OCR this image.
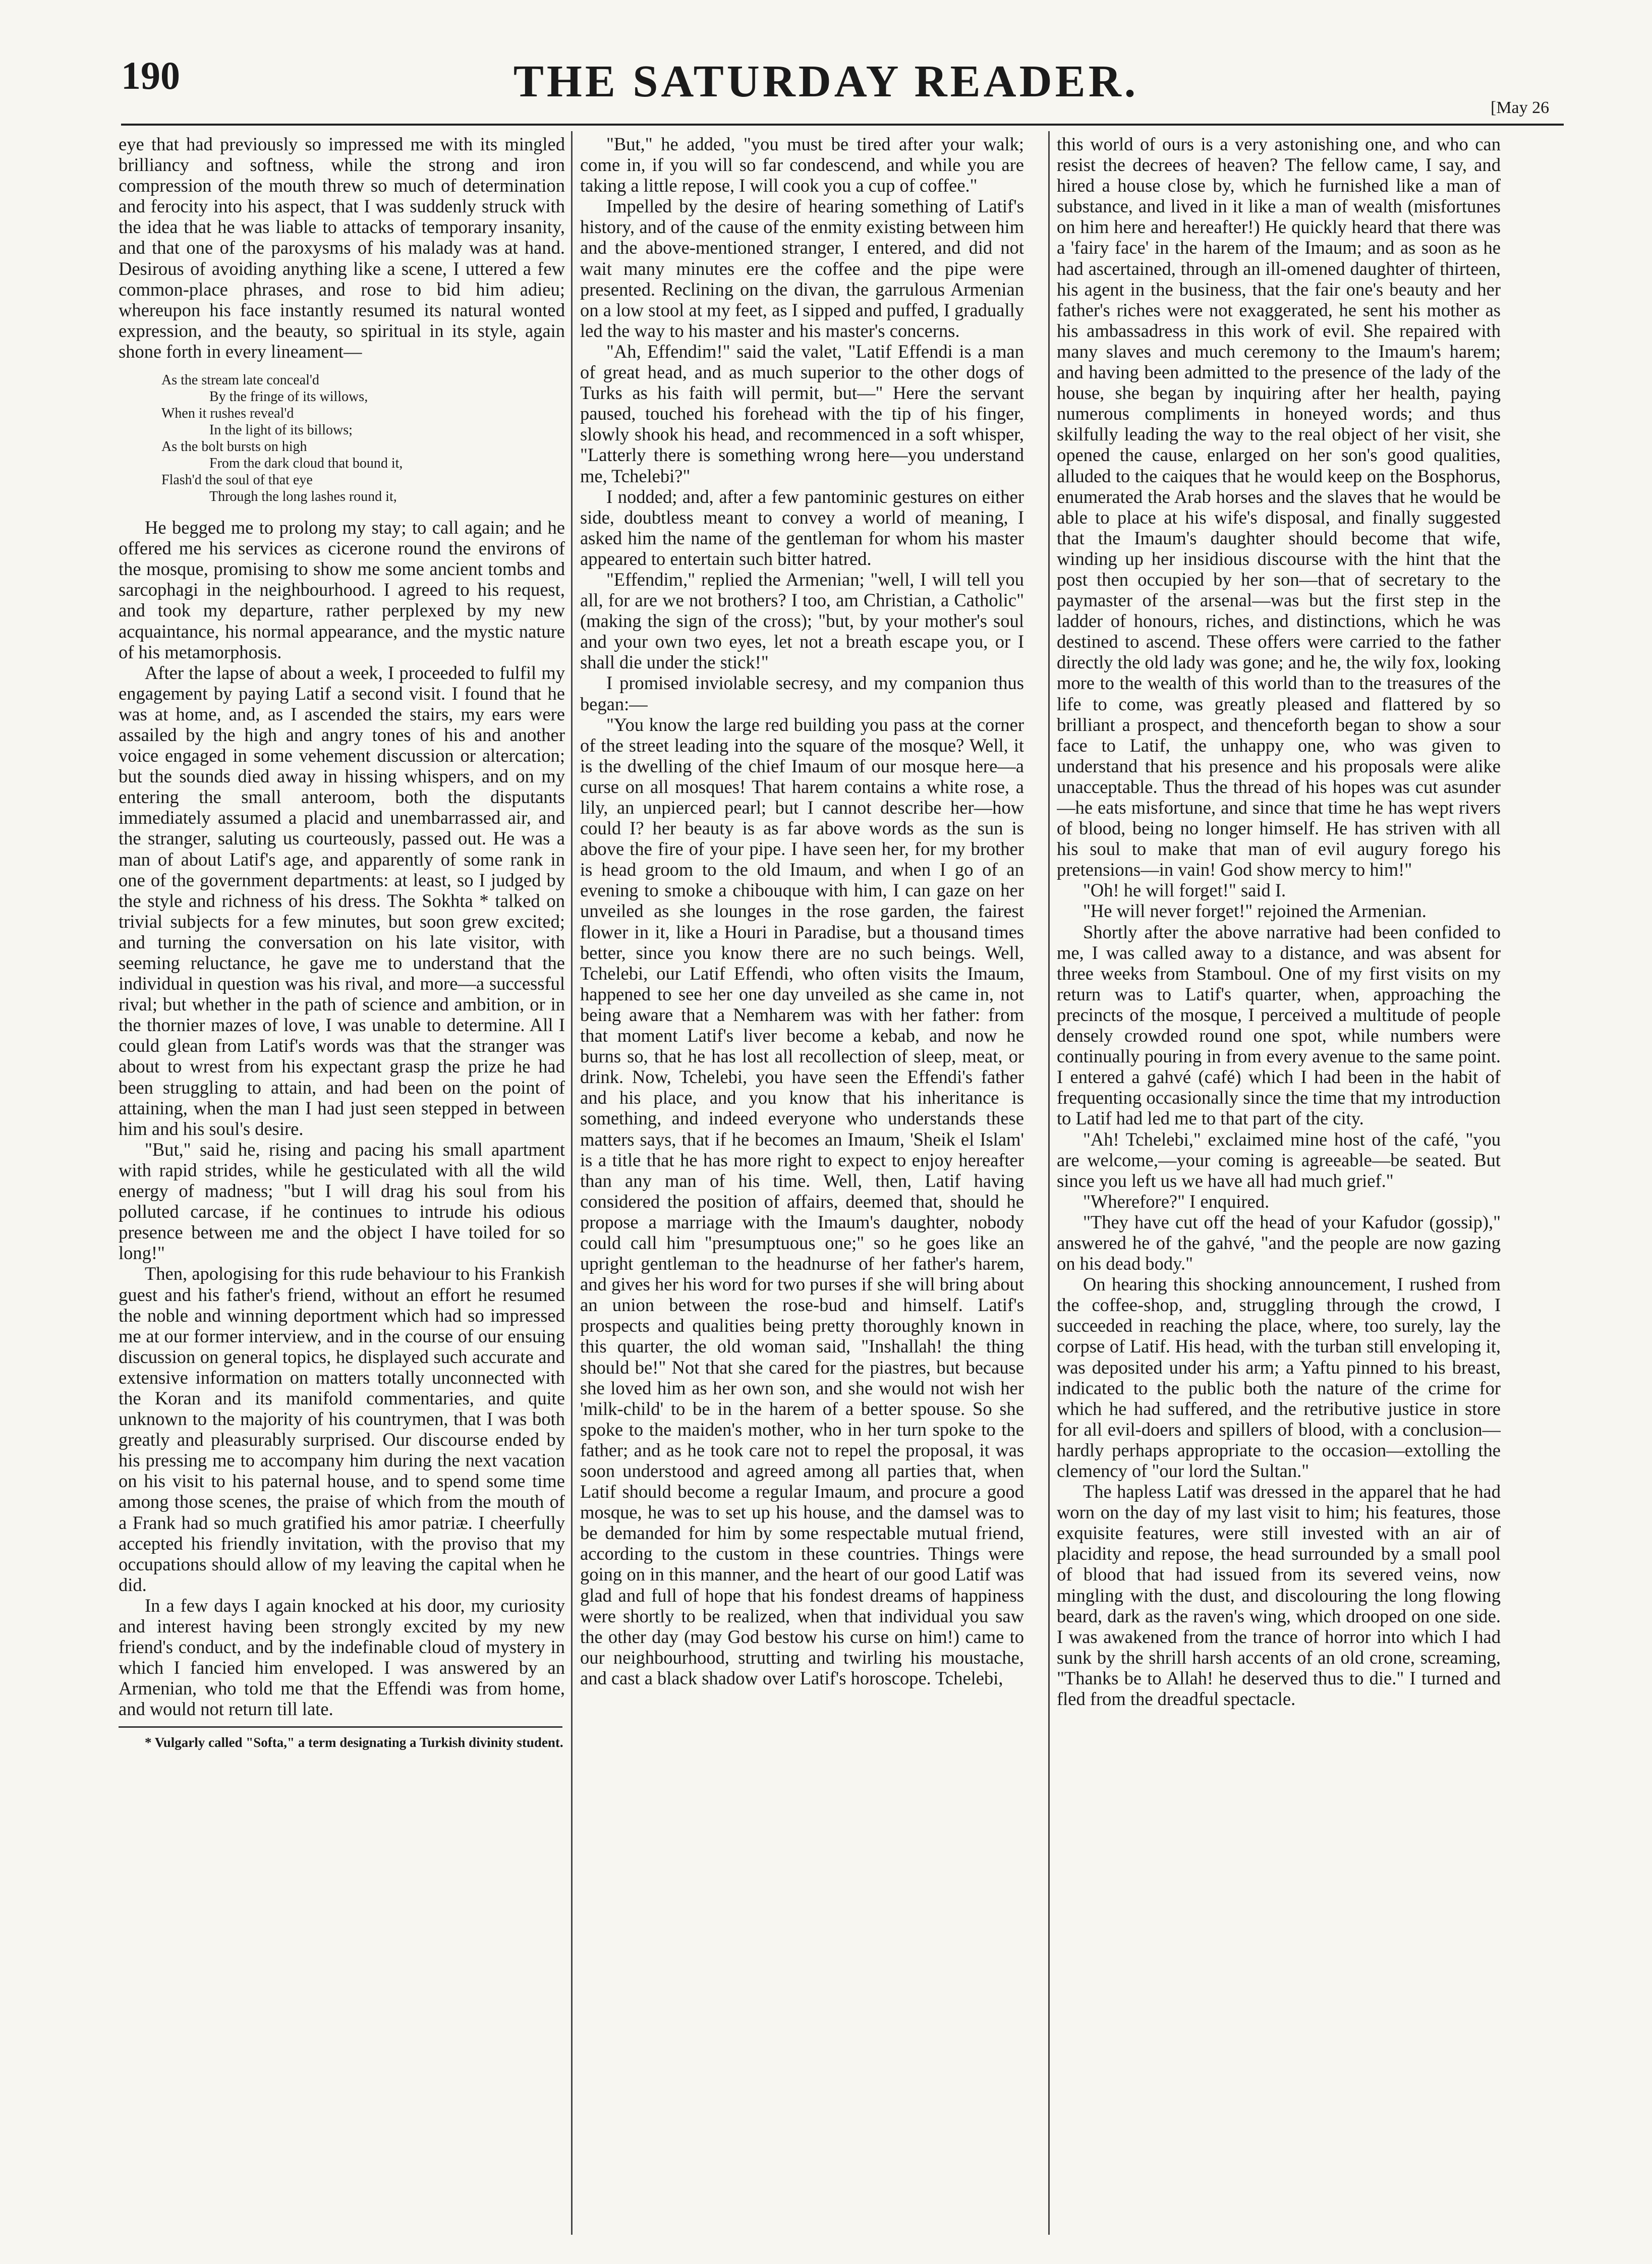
190	THE SATURDAY READER.
[May 26

eye that had previously so impressed me with its mingled brilliancy and softness, while the strong and iron compression of the mouth threw so much of determination and ferocity into his aspect, that I was suddenly struck with the idea that he was liable to attacks of temporary insanity, and that one of the paroxysms of his malady was at hand. Desirous of avoiding anything like a scene, I uttered a few common-place phrases, and rose to bid him adieu; whereupon his face instantly resumed its natural wonted expression, and the beauty, so spiritual in its style, again shone forth in every lineament—

As the stream late conceal'd
By the fringe of its willows,
When it rushes reveal'd
In the light of its billows;
As the bolt bursts on high
From the dark cloud that bound it,
Flash'd the soul of that eye
Through the long lashes round it,

He begged me to prolong my stay; to call again; and he offered me his services as cicerone round the environs of the mosque, promising to show me some ancient tombs and sarcophagi in the neighbourhood. I agreed to his request, and took my departure, rather perplexed by my new acquaintance, his normal appearance, and the mystic nature of his metamorphosis.

After the lapse of about a week, I proceeded to fulfil my engagement by paying Latif a second visit. I found that he was at home, and, as I ascended the stairs, my ears were assailed by the high and angry tones of his and another voice engaged in some vehement discussion or altercation; but the sounds died away in hissing whispers, and on my entering the small anteroom, both the disputants immediately assumed a placid and unembarrassed air, and the stranger, saluting us courteously, passed out. He was a man of about Latif's age, and apparently of some rank in one of the government departments: at least, so I judged by the style and richness of his dress. The Sokhta * talked on trivial subjects for a few minutes, but soon grew excited; and turning the conversation on his late visitor, with seeming reluctance, he gave me to understand that the individual in question was his rival, and more—a successful rival; but whether in the path of science and ambition, or in the thornier mazes of love, I was unable to determine. All I could glean from Latif's words was that the stranger was about to wrest from his expectant grasp the prize he had been struggling to attain, and had been on the point of attaining, when the man I had just seen stepped in between him and his soul's desire.

"But," said he, rising and pacing his small apartment with rapid strides, while he gesticulated with all the wild energy of madness; "but I will drag his soul from his polluted carcase, if he continues to intrude his odious presence between me and the object I have toiled for so long!"

Then, apologising for this rude behaviour to his Frankish guest and his father's friend, without an effort he resumed the noble and winning deportment which had so impressed me at our former interview, and in the course of our ensuing discussion on general topics, he displayed such accurate and extensive information on matters totally unconnected with the Koran and its manifold commentaries, and quite unknown to the majority of his countrymen, that I was both greatly and pleasurably surprised. Our discourse ended by his pressing me to accompany him during the next vacation on his visit to his paternal house, and to spend some time among those scenes, the praise of which from the mouth of a Frank had so much gratified his amor patriæ. I cheerfully accepted his friendly invitation, with the proviso that my occupations should allow of my leaving the capital when he did.

In a few days I again knocked at his door, my curiosity and interest having been strongly excited by my new friend's conduct, and by the indefinable cloud of mystery in which I fancied him enveloped. I was answered by an Armenian, who told me that the Effendi was from home, and would not return till late.

* Vulgarly called "Softa," a term designating a Turkish divinity student.

"But," he added, "you must be tired after your walk; come in, if you will so far condescend, and while you are taking a little repose, I will cook you a cup of coffee."

Impelled by the desire of hearing something of Latif's history, and of the cause of the enmity existing between him and the above-mentioned stranger, I entered, and did not wait many minutes ere the coffee and the pipe were presented. Reclining on the divan, the garrulous Armenian on a low stool at my feet, as I sipped and puffed, I gradually led the way to his master and his master's concerns.

"Ah, Effendim!" said the valet, "Latif Effendi is a man of great head, and as much superior to the other dogs of Turks as his faith will permit, but—" Here the servant paused, touched his forehead with the tip of his finger, slowly shook his head, and recommenced in a soft whisper, "Latterly there is something wrong here—you understand me, Tchelebi?"

I nodded; and, after a few pantominic gestures on either side, doubtless meant to convey a world of meaning, I asked him the name of the gentleman for whom his master appeared to entertain such bitter hatred.

"Effendim," replied the Armenian; "well, I will tell you all, for are we not brothers? I too, am Christian, a Catholic" (making the sign of the cross); "but, by your mother's soul and your own two eyes, let not a breath escape you, or I shall die under the stick!"

I promised inviolable secresy, and my companion thus began:—

"You know the large red building you pass at the corner of the street leading into the square of the mosque? Well, it is the dwelling of the chief Imaum of our mosque here—a curse on all mosques! That harem contains a white rose, a lily, an unpierced pearl; but I cannot describe her—how could I? her beauty is as far above words as the sun is above the fire of your pipe. I have seen her, for my brother is head groom to the old Imaum, and when I go of an evening to smoke a chibouque with him, I can gaze on her unveiled as she lounges in the rose garden, the fairest flower in it, like a Houri in Paradise, but a thousand times better, since you know there are no such beings. Well, Tchelebi, our Latif Effendi, who often visits the Imaum, happened to see her one day unveiled as she came in, not being aware that a Nemharem was with her father: from that moment Latif's liver become a kebab, and now he burns so, that he has lost all recollection of sleep, meat, or drink. Now, Tchelebi, you have seen the Effendi's father and his place, and you know that his inheritance is something, and indeed everyone who understands these matters says, that if he becomes an Imaum, 'Sheik el Islam' is a title that he has more right to expect to enjoy hereafter than any man of his time. Well, then, Latif having considered the position of affairs, deemed that, should he propose a marriage with the Imaum's daughter, nobody could call him "presumptuous one;" so he goes like an upright gentleman to the headnurse of her father's harem, and gives her his word for two purses if she will bring about an union between the rose-bud and himself. Latif's prospects and qualities being pretty thoroughly known in this quarter, the old woman said, "Inshallah! the thing should be!" Not that she cared for the piastres, but because she loved him as her own son, and she would not wish her 'milk-child' to be in the harem of a better spouse. So she spoke to the maiden's mother, who in her turn spoke to the father; and as he took care not to repel the proposal, it was soon understood and agreed among all parties that, when Latif should become a regular Imaum, and procure a good mosque, he was to set up his house, and the damsel was to be demanded for him by some respectable mutual friend, according to the custom in these countries. Things were going on in this manner, and the heart of our good Latif was glad and full of hope that his fondest dreams of happiness were shortly to be realized, when that individual you saw the other day (may God bestow his curse on him!) came to our neighbourhood, strutting and twirling his moustache, and cast a black shadow over Latif's horoscope. Tchelebi,

this world of ours is a very astonishing one, and who can resist the decrees of heaven? The fellow came, I say, and hired a house close by, which he furnished like a man of substance, and lived in it like a man of wealth (misfortunes on him here and hereafter!) He quickly heard that there was a 'fairy face' in the harem of the Imaum; and as soon as he had ascertained, through an ill-omened daughter of thirteen, his agent in the business, that the fair one's beauty and her father's riches were not exaggerated, he sent his mother as his ambassadress in this work of evil. She repaired with many slaves and much ceremony to the Imaum's harem; and having been admitted to the presence of the lady of the house, she began by inquiring after her health, paying numerous compliments in honeyed words; and thus skilfully leading the way to the real object of her visit, she opened the cause, enlarged on her son's good qualities, alluded to the caiques that he would keep on the Bosphorus, enumerated the Arab horses and the slaves that he would be able to place at his wife's disposal, and finally suggested that the Imaum's daughter should become that wife, winding up her insidious discourse with the hint that the post then occupied by her son—that of secretary to the paymaster of the arsenal—was but the first step in the ladder of honours, riches, and distinctions, which he was destined to ascend. These offers were carried to the father directly the old lady was gone; and he, the wily fox, looking more to the wealth of this world than to the treasures of the life to come, was greatly pleased and flattered by so brilliant a prospect, and thenceforth began to show a sour face to Latif, the unhappy one, who was given to understand that his presence and his proposals were alike unacceptable. Thus the thread of his hopes was cut asunder—he eats misfortune, and since that time he has wept rivers of blood, being no longer himself. He has striven with all his soul to make that man of evil augury forego his pretensions—in vain! God show mercy to him!"

"Oh! he will forget!" said I.

"He will never forget!" rejoined the Armenian.

Shortly after the above narrative had been confided to me, I was called away to a distance, and was absent for three weeks from Stamboul. One of my first visits on my return was to Latif's quarter, when, approaching the precincts of the mosque, I perceived a multitude of people densely crowded round one spot, while numbers were continually pouring in from every avenue to the same point. I entered a gahvé (café) which I had been in the habit of frequenting occasionally since the time that my introduction to Latif had led me to that part of the city.

"Ah! Tchelebi," exclaimed mine host of the café, "you are welcome,—your coming is agreeable—be seated. But since you left us we have all had much grief."

"Wherefore?" I enquired.

"They have cut off the head of your Kafudor (gossip)," answered he of the gahvé, "and the people are now gazing on his dead body."

On hearing this shocking announcement, I rushed from the coffee-shop, and, struggling through the crowd, I succeeded in reaching the place, where, too surely, lay the corpse of Latif. His head, with the turban still enveloping it, was deposited under his arm; a Yaftu pinned to his breast, indicated to the public both the nature of the crime for which he had suffered, and the retributive justice in store for all evil-doers and spillers of blood, with a conclusion—hardly perhaps appropriate to the occasion—extolling the clemency of "our lord the Sultan."

The hapless Latif was dressed in the apparel that he had worn on the day of my last visit to him; his features, those exquisite features, were still invested with an air of placidity and repose, the head surrounded by a small pool of blood that had issued from its severed veins, now mingling with the dust, and discolouring the long flowing beard, dark as the raven's wing, which drooped on one side. I was awakened from the trance of horror into which I had sunk by the shrill harsh accents of an old crone, screaming, "Thanks be to Allah! he deserved thus to die." I turned and fled from the dreadful spectacle.
